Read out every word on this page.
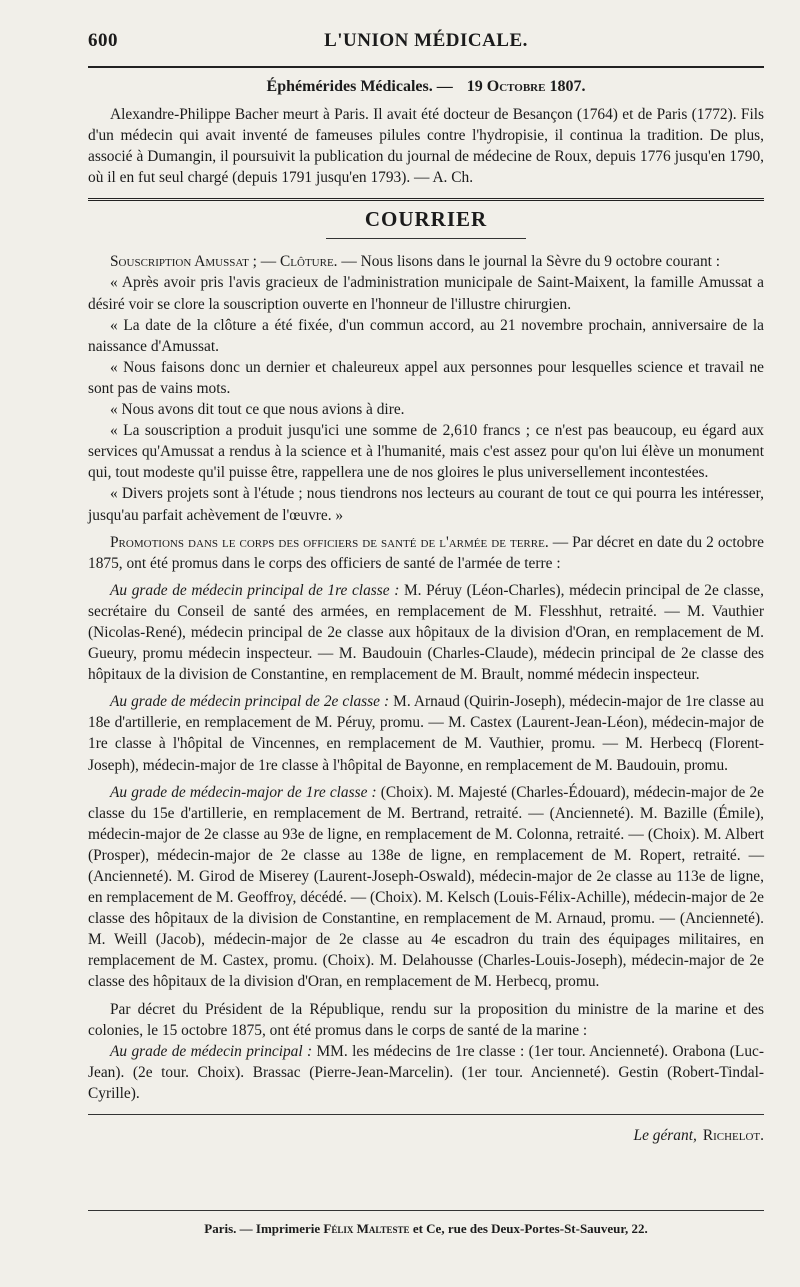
600	L'UNION MÉDICALE.
Éphémérides Médicales. — 19 Octobre 1807.

Alexandre-Philippe Bacher meurt à Paris. Il avait été docteur de Besançon (1764) et de Paris (1772). Fils d'un médecin qui avait inventé de fameuses pilules contre l'hydropisie, il continua la tradition. De plus, associé à Dumangin, il poursuivit la publication du journal de médecine de Roux, depuis 1776 jusqu'en 1790, où il en fut seul chargé (depuis 1791 jusqu'en 1793). — A. Ch.

COURRIER

Souscription Amussat ; — Clôture. — Nous lisons dans le journal la Sèvre du 9 octobre courant :

« Après avoir pris l'avis gracieux de l'administration municipale de Saint-Maixent, la famille Amussat a désiré voir se clore la souscription ouverte en l'honneur de l'illustre chirurgien.

« La date de la clôture a été fixée, d'un commun accord, au 21 novembre prochain, anniversaire de la naissance d'Amussat.

« Nous faisons donc un dernier et chaleureux appel aux personnes pour lesquelles science et travail ne sont pas de vains mots.

« Nous avons dit tout ce que nous avions à dire.

« La souscription a produit jusqu'ici une somme de 2,610 francs ; ce n'est pas beaucoup, eu égard aux services qu'Amussat a rendus à la science et à l'humanité, mais c'est assez pour qu'on lui élève un monument qui, tout modeste qu'il puisse être, rappellera une de nos gloires le plus universellement incontestées.

« Divers projets sont à l'étude ; nous tiendrons nos lecteurs au courant de tout ce qui pourra les intéresser, jusqu'au parfait achèvement de l'œuvre. »

Promotions dans le corps des officiers de santé de l'armée de terre. — Par décret en date du 2 octobre 1875, ont été promus dans le corps des officiers de santé de l'armée de terre :

Au grade de médecin principal de 1re classe : M. Péruy (Léon-Charles), médecin principal de 2e classe, secrétaire du Conseil de santé des armées, en remplacement de M. Flesshhut, retraité. — M. Vauthier (Nicolas-René), médecin principal de 2e classe aux hôpitaux de la division d'Oran, en remplacement de M. Gueury, promu médecin inspecteur. — M. Baudouin (Charles-Claude), médecin principal de 2e classe des hôpitaux de la division de Constantine, en remplacement de M. Brault, nommé médecin inspecteur.

Au grade de médecin principal de 2e classe : M. Arnaud (Quirin-Joseph), médecin-major de 1re classe au 18e d'artillerie, en remplacement de M. Péruy, promu. — M. Castex (Laurent-Jean-Léon), médecin-major de 1re classe à l'hôpital de Vincennes, en remplacement de M. Vauthier, promu. — M. Herbecq (Florent-Joseph), médecin-major de 1re classe à l'hôpital de Bayonne, en remplacement de M. Baudouin, promu.

Au grade de médecin-major de 1re classe : (Choix). M. Majesté (Charles-Édouard), médecin-major de 2e classe du 15e d'artillerie, en remplacement de M. Bertrand, retraité. — (Ancienneté). M. Bazille (Émile), médecin-major de 2e classe au 93e de ligne, en remplacement de M. Colonna, retraité. — (Choix). M. Albert (Prosper), médecin-major de 2e classe au 138e de ligne, en remplacement de M. Ropert, retraité. — (Ancienneté). M. Girod de Miserey (Laurent-Joseph-Oswald), médecin-major de 2e classe au 113e de ligne, en remplacement de M. Geoffroy, décédé. — (Choix). M. Kelsch (Louis-Félix-Achille), médecin-major de 2e classe des hôpitaux de la division de Constantine, en remplacement de M. Arnaud, promu. — (Ancienneté). M. Weill (Jacob), médecin-major de 2e classe au 4e escadron du train des équipages militaires, en remplacement de M. Castex, promu. (Choix). M. Delahousse (Charles-Louis-Joseph), médecin-major de 2e classe des hôpitaux de la division d'Oran, en remplacement de M. Herbecq, promu.

Par décret du Président de la République, rendu sur la proposition du ministre de la marine et des colonies, le 15 octobre 1875, ont été promus dans le corps de santé de la marine :

Au grade de médecin principal : MM. les médecins de 1re classe : (1er tour. Ancienneté). Orabona (Luc-Jean). (2e tour. Choix). Brassac (Pierre-Jean-Marcelin). (1er tour. Ancienneté). Gestin (Robert-Tindal-Cyrille).

Le gérant, Richelot.
Paris. — Imprimerie Félix Malteste et Ce, rue des Deux-Portes-St-Sauveur, 22.
